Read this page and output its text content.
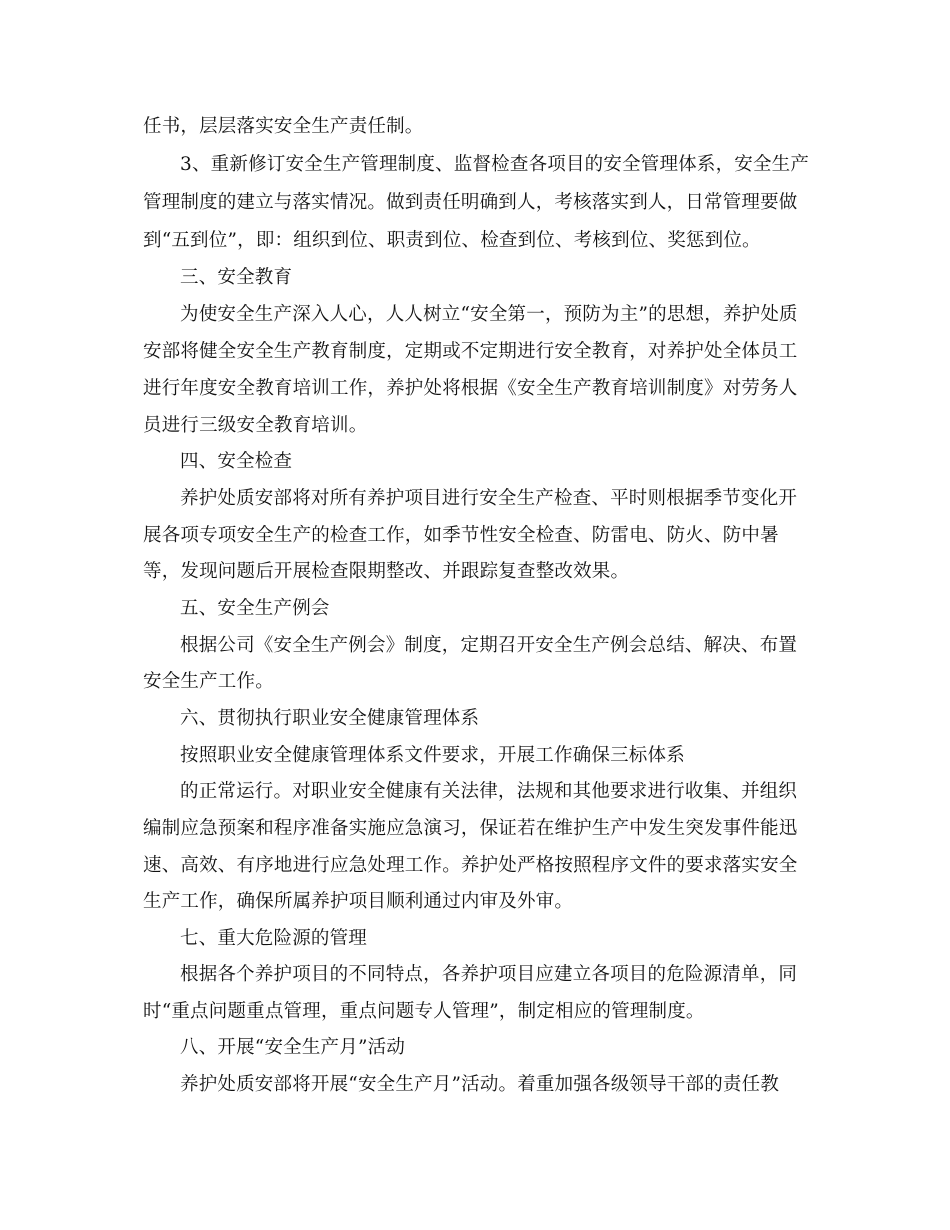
任书，层层落实安全生产责任制。
3、重新修订安全生产管理制度、监督检查各项目的安全管理体系，安全生产
管理制度的建立与落实情况。做到责任明确到人，考核落实到人，日常管理要做
到“五到位”，即：组织到位、职责到位、检查到位、考核到位、奖惩到位。
三、安全教育
为使安全生产深入人心，人人树立“安全第一，预防为主”的思想，养护处质
安部将健全安全生产教育制度，定期或不定期进行安全教育，对养护处全体员工
进行年度安全教育培训工作，养护处将根据《安全生产教育培训制度》对劳务人
员进行三级安全教育培训。
四、安全检查
养护处质安部将对所有养护项目进行安全生产检查、平时则根据季节变化开
展各项专项安全生产的检查工作，如季节性安全检查、防雷电、防火、防中暑
等，发现问题后开展检查限期整改、并跟踪复查整改效果。
五、安全生产例会
根据公司《安全生产例会》制度，定期召开安全生产例会总结、解决、布置
安全生产工作。
六、贯彻执行职业安全健康管理体系
按照职业安全健康管理体系文件要求，开展工作确保三标体系
的正常运行。对职业安全健康有关法律，法规和其他要求进行收集、并组织
编制应急预案和程序准备实施应急演习，保证若在维护生产中发生突发事件能迅
速、高效、有序地进行应急处理工作。养护处严格按照程序文件的要求落实安全
生产工作，确保所属养护项目顺利通过内审及外审。
七、重大危险源的管理
根据各个养护项目的不同特点，各养护项目应建立各项目的危险源清单，同
时“重点问题重点管理，重点问题专人管理”，制定相应的管理制度。
八、开展“安全生产月”活动
养护处质安部将开展“安全生产月”活动。着重加强各级领导干部的责任教
